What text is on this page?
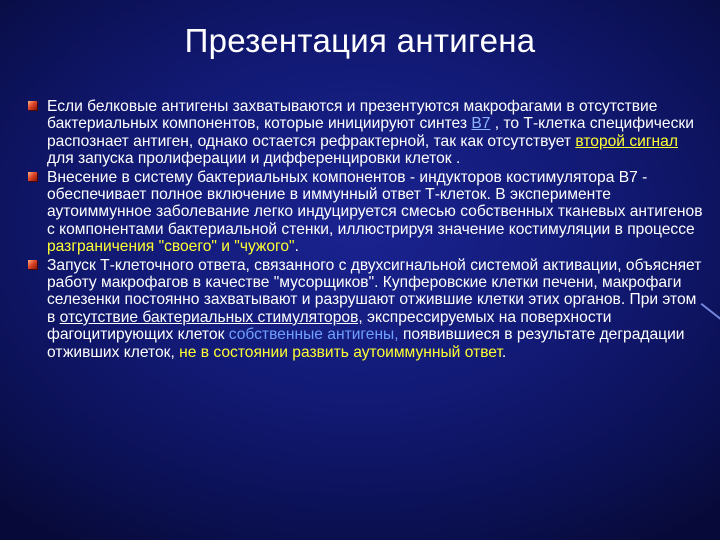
Презентация антигена
Если белковые антигены захватываются и презентуются макрофагами в отсутствие бактериальных компонентов, которые инициируют синтез B7 , то Т-клетка специфически распознает антиген, однако остается рефрактерной, так как отсутствует второй сигнал для запуска пролиферации и дифференцировки клеток .
Внесение в систему бактериальных компонентов - индукторов костимулятора В7 - обеспечивает полное включение в иммунный ответ Т-клеток. В эксперименте аутоиммунное заболевание легко индуцируется смесью собственных тканевых антигенов с компонентами бактериальной стенки, иллюстрируя значение костимуляции в процессе разграничения "своего" и "чужого".
Запуск Т-клеточного ответа, связанного с двухсигнальной системой активации, объясняет работу макрофагов в качестве "мусорщиков". Купферовские клетки печени, макрофаги селезенки постоянно захватывают и разрушают отжившие клетки этих органов. При этом в отсутствие бактериальных стимуляторов, экспрессируемых на поверхности фагоцитирующих клеток собственные антигены, появившиеся в результате деградации отживших клеток, не в состоянии развить аутоиммунный ответ.
